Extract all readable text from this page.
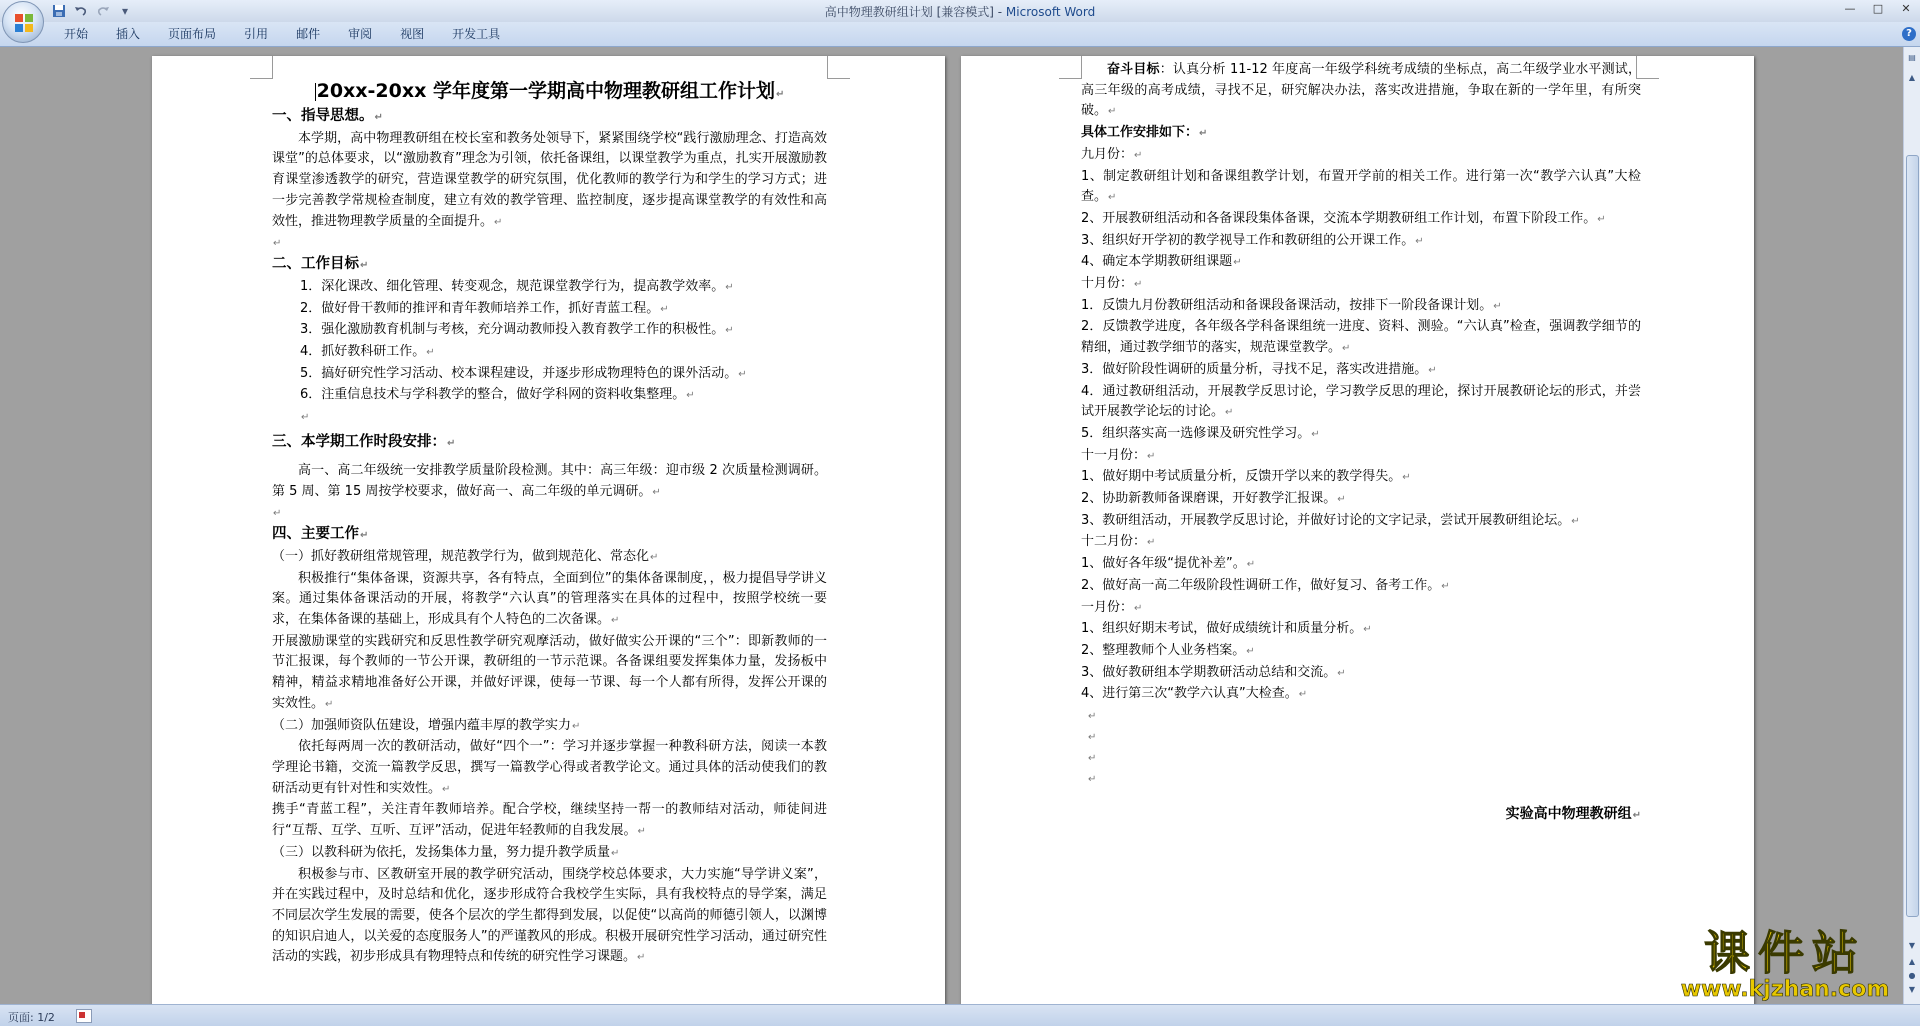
高中物理教研组计划 [兼容模式] - Microsoft Word
▾	—	□	✕
开始	插入	页面布局	引用	邮件	审阅	视图	开发工具	?
20xx-20xx 学年度第一学期高中物理教研组工作计划↵

一、指导思想。↵

本学期，高中物理教研组在校长室和教务处领导下，紧紧围绕学校“践行激励理念、打造高效课堂”的总体要求，以“激励教育”理念为引领，依托备课组，以课堂教学为重点，扎实开展激励教育课堂渗透教学的研究，营造课堂教学的研究氛围，优化教师的教学行为和学生的学习方式；进一步完善教学常规检查制度，建立有效的教学管理、监控制度，逐步提高课堂教学的有效性和高效性，推进物理教学质量的全面提升。↵

↵

二、工作目标↵

1．深化课改、细化管理、转变观念，规范课堂教学行为，提高教学效率。↵

2．做好骨干教师的推评和青年教师培养工作，抓好青蓝工程。↵

3．强化激励教育机制与考核，充分调动教师投入教育教学工作的积极性。↵

4．抓好教科研工作。↵

5．搞好研究性学习活动、校本课程建设，并逐步形成物理特色的课外活动。↵

6．注重信息技术与学科教学的整合，做好学科网的资料收集整理。↵

↵

三、本学期工作时段安排：↵

高一、高二年级统一安排教学质量阶段检测。其中：高三年级：迎市级 2 次质量检测调研。第 5 周、第 15 周按学校要求，做好高一、高二年级的单元调研。↵

↵

四、主要工作↵

（一）抓好教研组常规管理，规范教学行为，做到规范化、常态化↵

积极推行“集体备课，资源共享，各有特点，全面到位”的集体备课制度，，极力提倡导学讲义案。通过集体备课活动的开展，将教学“六认真”的管理落实在具体的过程中，按照学校统一要求，在集体备课的基础上，形成具有个人特色的二次备课。↵

开展激励课堂的实践研究和反思性教学研究观摩活动，做好做实公开课的“三个”：即新教师的一节汇报课，每个教师的一节公开课，教研组的一节示范课。各备课组要发挥集体力量，发扬板中精神，精益求精地准备好公开课，并做好评课，使每一节课、每一个人都有所得，发挥公开课的实效性。↵

（二）加强师资队伍建设，增强内蕴丰厚的教学实力↵

依托每两周一次的教研活动，做好“四个一”：学习并逐步掌握一种教科研方法，阅读一本教学理论书籍，交流一篇教学反思，撰写一篇教学心得或者教学论文。通过具体的活动使我们的教研活动更有针对性和实效性。↵

携手“青蓝工程”，关注青年教师培养。配合学校，继续坚持一帮一的教师结对活动，师徒间进行“互帮、互学、互听、互评”活动，促进年轻教师的自我发展。↵

（三）以教科研为依托，发扬集体力量，努力提升教学质量↵

积极参与市、区教研室开展的教学研究活动，围绕学校总体要求，大力实施“导学讲义案”，并在实践过程中，及时总结和优化，逐步形成符合我校学生实际，具有我校特点的导学案，满足不同层次学生发展的需要，使各个层次的学生都得到发展，以促使“以高尚的师德引领人，以渊博的知识启迪人，以关爱的态度服务人”的严谨教风的形成。积极开展研究性学习活动，通过研究性活动的实践，初步形成具有物理特点和传统的研究性学习课题。↵

奋斗目标：认真分析 11-12 年度高一年级学科统考成绩的坐标点，高二年级学业水平测试，高三年级的高考成绩，寻找不足，研究解决办法，落实改进措施，争取在新的一学年里，有所突破。↵

具体工作安排如下：↵

九月份：↵

1、制定教研组计划和备课组教学计划，布置开学前的相关工作。进行第一次“教学六认真”大检查。↵

2、开展教研组活动和各备课段集体备课，交流本学期教研组工作计划，布置下阶段工作。↵

3、组织好开学初的教学视导工作和教研组的公开课工作。↵

4、确定本学期教研组课题↵

十月份：↵

1．反馈九月份教研组活动和备课段备课活动，按排下一阶段备课计划。↵

2．反馈教学进度，各年级各学科备课组统一进度、资料、测验。“六认真”检查，强调教学细节的精细，通过教学细节的落实，规范课堂教学。↵

3．做好阶段性调研的质量分析，寻找不足，落实改进措施。↵

4．通过教研组活动，开展教学反思讨论，学习教学反思的理论，探讨开展教研论坛的形式，并尝试开展教学论坛的讨论。↵

5．组织落实高一选修课及研究性学习。↵

十一月份：↵

1、做好期中考试质量分析，反馈开学以来的教学得失。↵

2、协助新教师备课磨课，开好教学汇报课。↵

3、教研组活动，开展教学反思讨论，并做好讨论的文字记录，尝试开展教研组论坛。↵

十二月份：↵

1、做好各年级“提优补差”。↵

2、做好高一高二年级阶段性调研工作，做好复习、备考工作。↵

一月份：↵

1、组织好期末考试，做好成绩统计和质量分析。↵

2、整理教师个人业务档案。↵

3、做好教研组本学期教研活动总结和交流。↵

4、进行第三次“教学六认真”大检查。↵

↵

↵

↵

↵

实验高中物理教研组↵

▤
▲
▼
▲
●
▼
页面: 1/2
课件站
www.kjzhan.com
